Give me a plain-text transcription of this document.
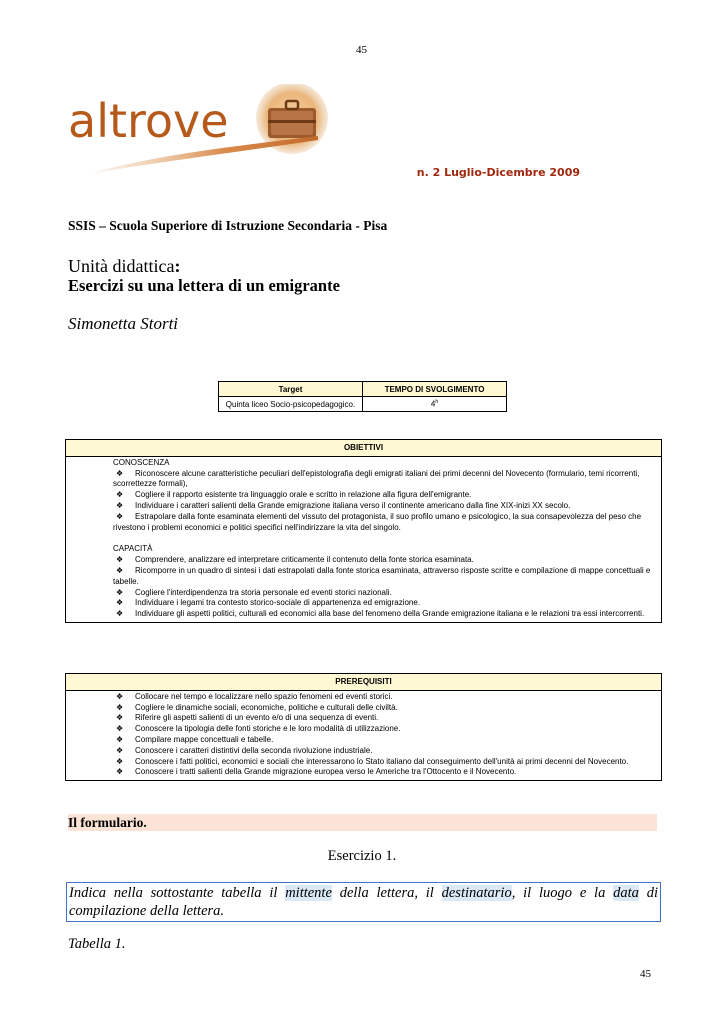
45
altrove
n. 2 Luglio-Dicembre 2009
SSIS – Scuola Superiore di Istruzione Secondaria - Pisa
Unità didattica:
Esercizi su una lettera di un emigrante
Simonetta Storti
Target	TEMPO DI SVOLGIMENTO
Quinta liceo Socio-psicopedagogico.	4$^h$
OBIETTIVI
CONOSCENZA
❖ Riconoscere alcune caratteristiche peculiari dell'epistolografia degli emigrati italiani dei primi decenni del Novecento (formulario, temi ricorrenti,
scorrettezze formali),
❖ Cogliere il rapporto esistente tra linguaggio orale e scritto in relazione alla figura dell'emigrante.
❖ Individuare i caratteri salienti della Grande emigrazione italiana verso il continente americano dalla fine XIX-inizi XX secolo.
❖ Estrapolare dalla fonte esaminata elementi del vissuto del protagonista, il suo profilo umano e psicologico, la sua consapevolezza del peso che
rivestono i problemi economici e politici specifici nell'indirizzare la vita del singolo.
CAPACITÀ
❖ Comprendere, analizzare ed interpretare criticamente il contenuto della fonte storica esaminata.
❖ Ricomporre in un quadro di sintesi i dati estrapolati dalla fonte storica esaminata, attraverso risposte scritte e compilazione di mappe concettuali e
tabelle.
❖ Cogliere l'interdipendenza tra storia personale ed eventi storici nazionali.
❖ Individuare i legami tra contesto storico-sociale di appartenenza ed emigrazione.
❖ Individuare gli aspetti politici, culturali ed economici alla base del fenomeno della Grande emigrazione italiana e le relazioni tra essi intercorrenti.
PREREQUISITI
❖ Collocare nel tempo e localizzare nello spazio fenomeni ed eventi storici.
❖ Cogliere le dinamiche sociali, economiche, politiche e culturali delle civiltà.
❖ Riferire gli aspetti salienti di un evento e/o di una sequenza di eventi.
❖ Conoscere la tipologia delle fonti storiche e le loro modalità di utilizzazione.
❖ Compilare mappe concettuali e tabelle.
❖ Conoscere i caratteri distintivi della seconda rivoluzione industriale.
❖ Conoscere i fatti politici, economici e sociali che interessarono lo Stato italiano dal conseguimento dell'unità ai primi decenni del Novecento.
❖ Conoscere i tratti salienti della Grande migrazione europea verso le Americhe tra l'Ottocento e il Novecento.
Il formulario.
Esercizio 1.
Indica nella sottostante tabella il mittente della lettera, il destinatario, il luogo e la data di compilazione della lettera.
Tabella 1.
45
